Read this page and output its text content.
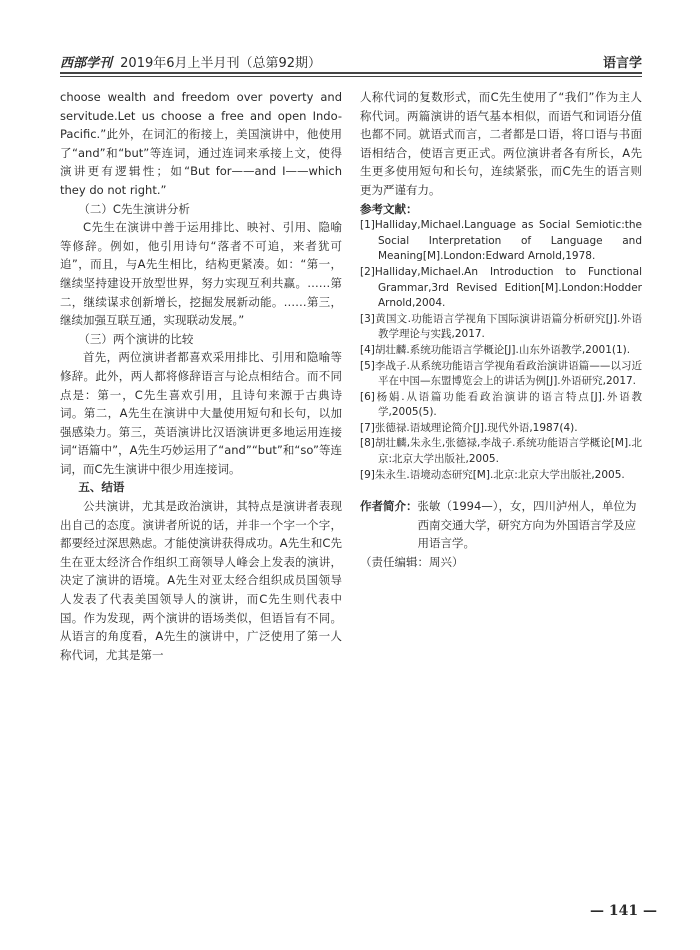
西部学刊 2019年6月上半月刊（总第92期）	语言学

choose wealth and freedom over poverty and servitude.Let us choose a free and open Indo-Pacific.”此外，在词汇的衔接上，美国演讲中，他使用了“and”和“but”等连词，通过连词来承接上文，使得演讲更有逻辑性；如“But for——and I——which they do not right.”

（二）C先生演讲分析

C先生在演讲中善于运用排比、映衬、引用、隐喻等修辞。例如，他引用诗句“落者不可追，来者犹可追”，而且，与A先生相比，结构更紧凑。如：“第一，继续坚持建设开放型世界，努力实现互利共赢。……第二，继续谋求创新增长，挖掘发展新动能。……第三，继续加强互联互通，实现联动发展。”

（三）两个演讲的比较

首先，两位演讲者都喜欢采用排比、引用和隐喻等修辞。此外，两人都将修辞语言与论点相结合。而不同点是：第一，C先生喜欢引用，且诗句来源于古典诗词。第二，A先生在演讲中大量使用短句和长句，以加强感染力。第三，英语演讲比汉语演讲更多地运用连接词“语篇中”，A先生巧妙运用了“and”“but”和“so”等连词，而C先生演讲中很少用连接词。

五、结语

公共演讲，尤其是政治演讲，其特点是演讲者表现出自己的态度。演讲者所说的话，并非一个字一个字，都要经过深思熟虑。才能使演讲获得成功。A先生和C先生在亚太经济合作组织工商领导人峰会上发表的演讲，决定了演讲的语境。A先生对亚太经合组织成员国领导人发表了代表美国领导人的演讲，而C先生则代表中国。作为发现，两个演讲的语场类似，但语旨有不同。从语言的角度看，A先生的演讲中，广泛使用了第一人称代词，尤其是第一

人称代词的复数形式，而C先生使用了“我们”作为主人称代词。两篇演讲的语气基本相似，而语气和词语分值也都不同。就语式而言，二者都是口语，将口语与书面语相结合，使语言更正式。两位演讲者各有所长，A先生更多使用短句和长句，连续紧张，而C先生的语言则更为严谨有力。

参考文献：

[1]Halliday,Michael.Language as Social Semiotic:the Social Interpretation of Language and Meaning[M].London:Edward Arnold,1978.

[2]Halliday,Michael.An Introduction to Functional Grammar,3rd Revised Edition[M].London:Hodder Arnold,2004.

[3]黄国文.功能语言学视角下国际演讲语篇分析研究[J].外语教学理论与实践,2017.

[4]胡壮麟.系统功能语言学概论[J].山东外语教学,2001(1).

[5]李战子.从系统功能语言学视角看政治演讲语篇——以习近平在中国—东盟博览会上的讲话为例[J].外语研究,2017.

[6]杨娟.从语篇功能看政治演讲的语言特点[J].外语教学,2005(5).

[7]张德禄.语域理论简介[J].现代外语,1987(4).

[8]胡壮麟,朱永生,张德禄,李战子.系统功能语言学概论[M].北京:北京大学出版社,2005.

[9]朱永生.语境动态研究[M].北京:北京大学出版社,2005.

作者简介： 张敏（1994—），女，四川泸州人，单位为西南交通大学，研究方向为外国语言学及应用语言学。

（责任编辑：周兴）

— 141 —
